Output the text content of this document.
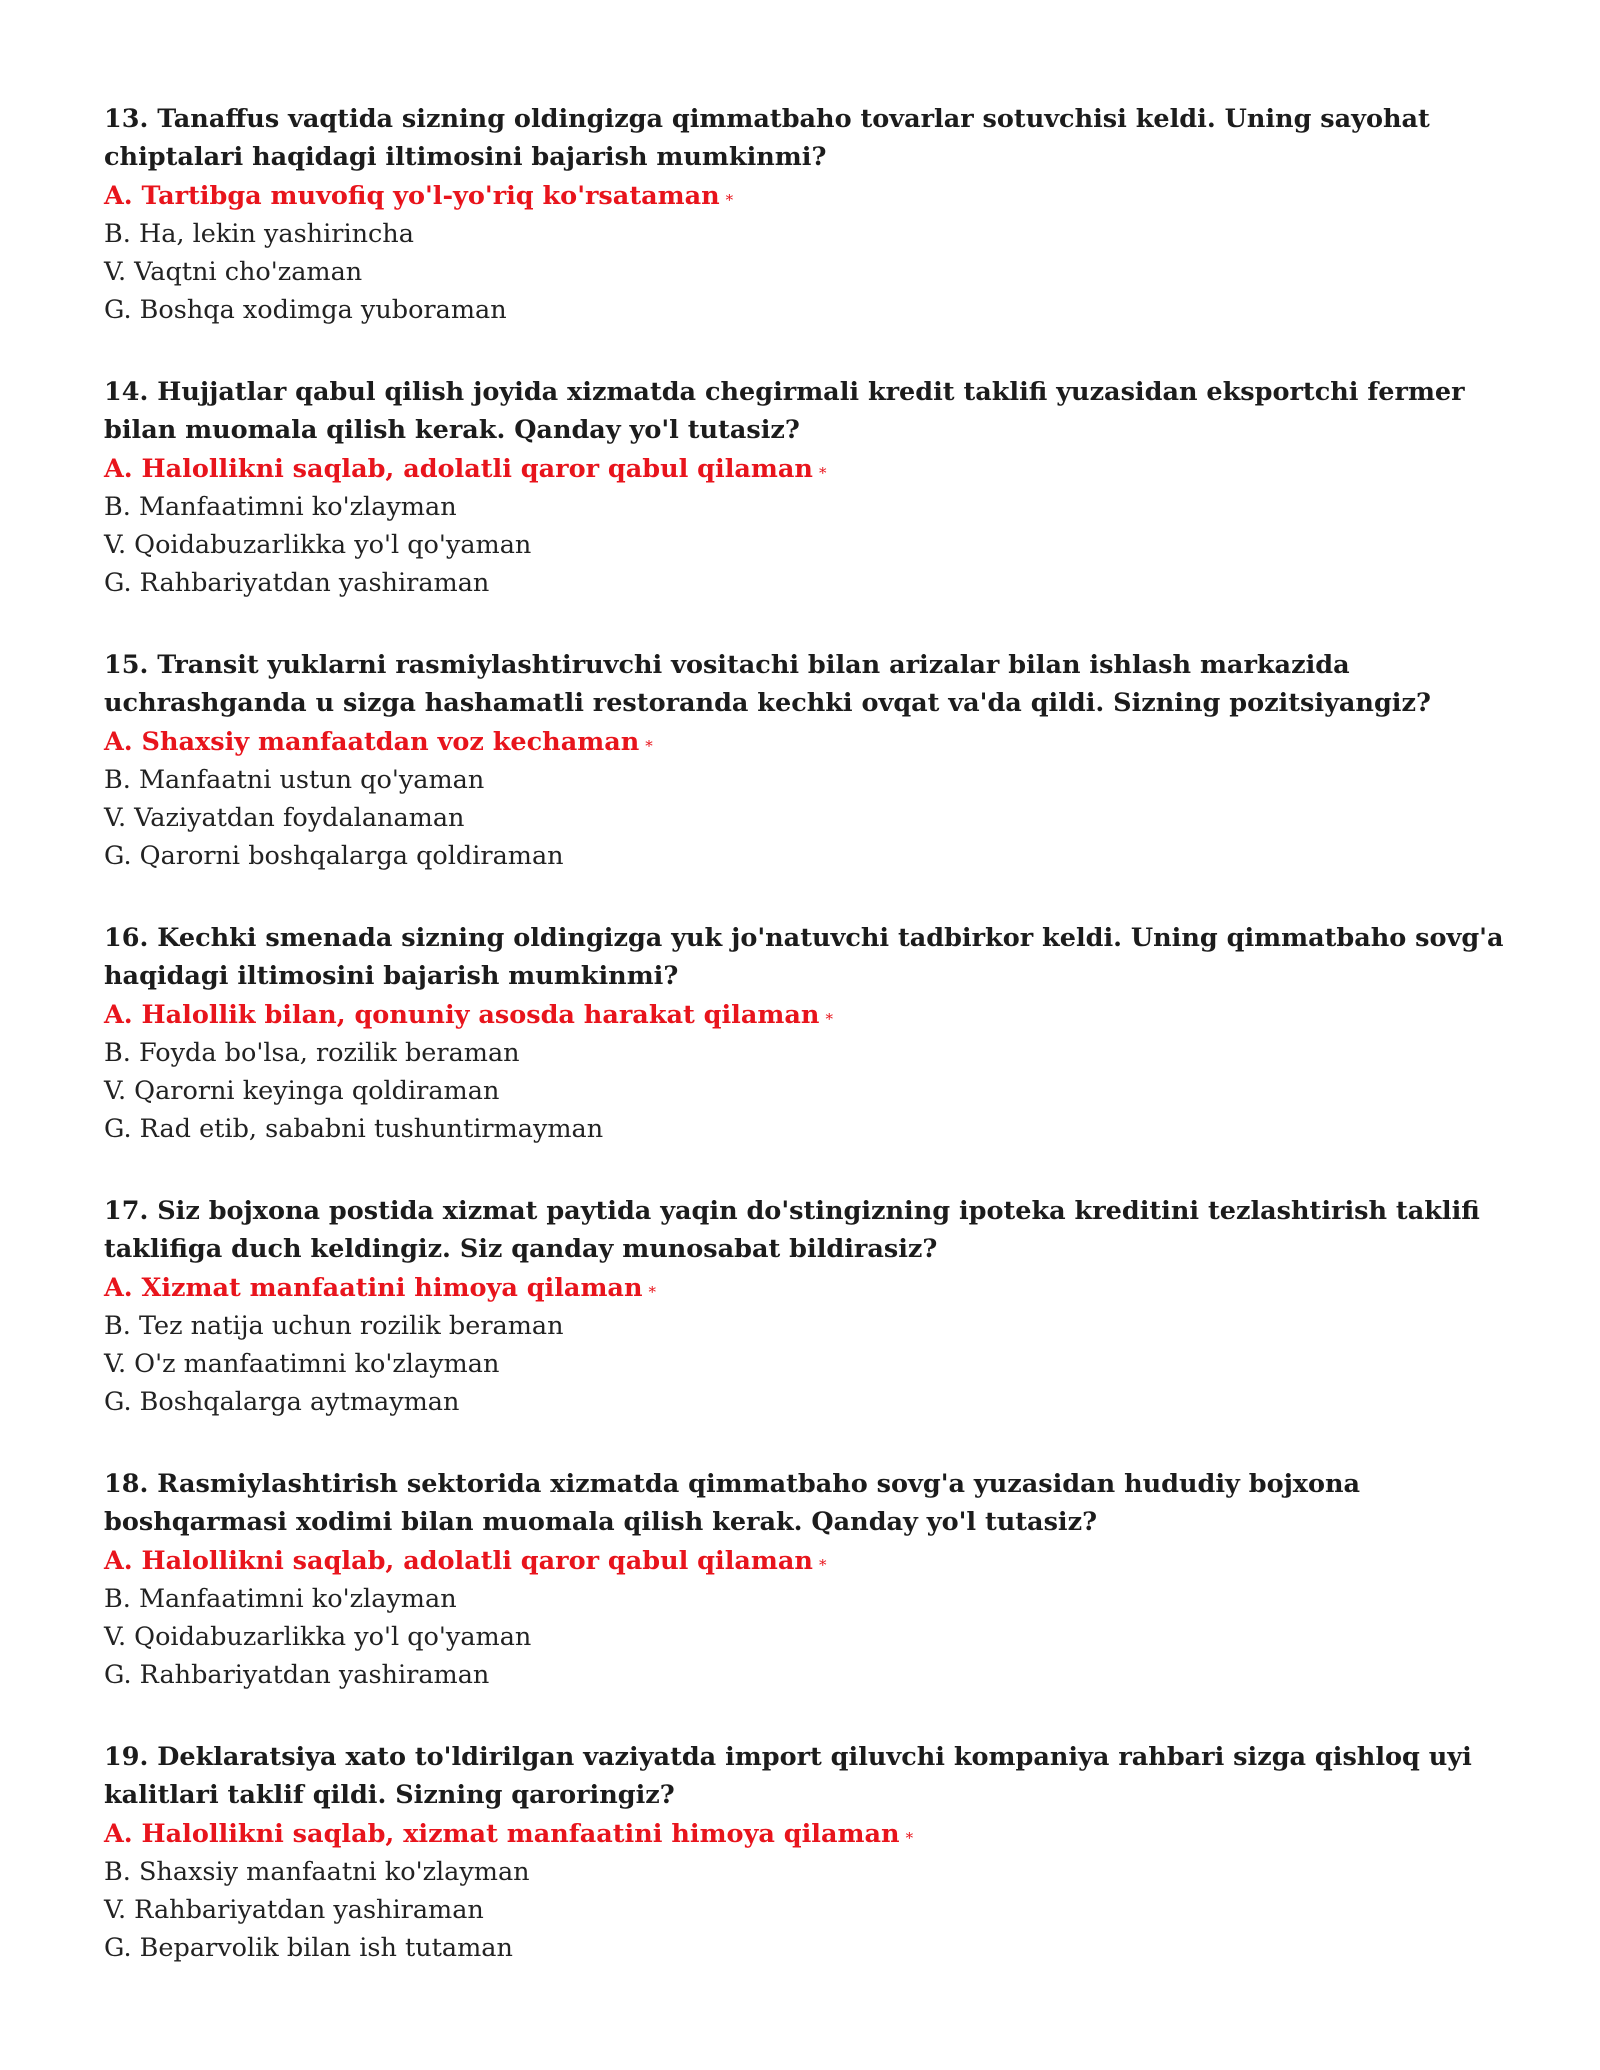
13. Tanaffus vaqtida sizning oldingizga qimmatbaho tovarlar sotuvchisi keldi. Uning sayohat chiptalari haqidagi iltimosini bajarish mumkinmi?

A. Tartibga muvofiq yo'l-yo'riq ko'rsataman *

B. Ha, lekin yashirincha

V. Vaqtni cho'zaman

G. Boshqa xodimga yuboraman

14. Hujjatlar qabul qilish joyida xizmatda chegirmali kredit taklifi yuzasidan eksportchi fermer bilan muomala qilish kerak. Qanday yo'l tutasiz?

A. Halollikni saqlab, adolatli qaror qabul qilaman *

B. Manfaatimni ko'zlayman

V. Qoidabuzarlikka yo'l qo'yaman

G. Rahbariyatdan yashiraman

15. Transit yuklarni rasmiylashtiruvchi vositachi bilan arizalar bilan ishlash markazida uchrashganda u sizga hashamatli restoranda kechki ovqat va'da qildi. Sizning pozitsiyangiz?

A. Shaxsiy manfaatdan voz kechaman *

B. Manfaatni ustun qo'yaman

V. Vaziyatdan foydalanaman

G. Qarorni boshqalarga qoldiraman

16. Kechki smenada sizning oldingizga yuk jo'natuvchi tadbirkor keldi. Uning qimmatbaho sovg'a haqidagi iltimosini bajarish mumkinmi?

A. Halollik bilan, qonuniy asosda harakat qilaman *

B. Foyda bo'lsa, rozilik beraman

V. Qarorni keyinga qoldiraman

G. Rad etib, sababni tushuntirmayman

17. Siz bojxona postida xizmat paytida yaqin do'stingizning ipoteka kreditini tezlashtirish taklifi taklifiga duch keldingiz. Siz qanday munosabat bildirasiz?

A. Xizmat manfaatini himoya qilaman *

B. Tez natija uchun rozilik beraman

V. O'z manfaatimni ko'zlayman

G. Boshqalarga aytmayman

18. Rasmiylashtirish sektorida xizmatda qimmatbaho sovg'a yuzasidan hududiy bojxona boshqarmasi xodimi bilan muomala qilish kerak. Qanday yo'l tutasiz?

A. Halollikni saqlab, adolatli qaror qabul qilaman *

B. Manfaatimni ko'zlayman

V. Qoidabuzarlikka yo'l qo'yaman

G. Rahbariyatdan yashiraman

19. Deklaratsiya xato to'ldirilgan vaziyatda import qiluvchi kompaniya rahbari sizga qishloq uyi kalitlari taklif qildi. Sizning qaroringiz?

A. Halollikni saqlab, xizmat manfaatini himoya qilaman *

B. Shaxsiy manfaatni ko'zlayman

V. Rahbariyatdan yashiraman

G. Beparvolik bilan ish tutaman
